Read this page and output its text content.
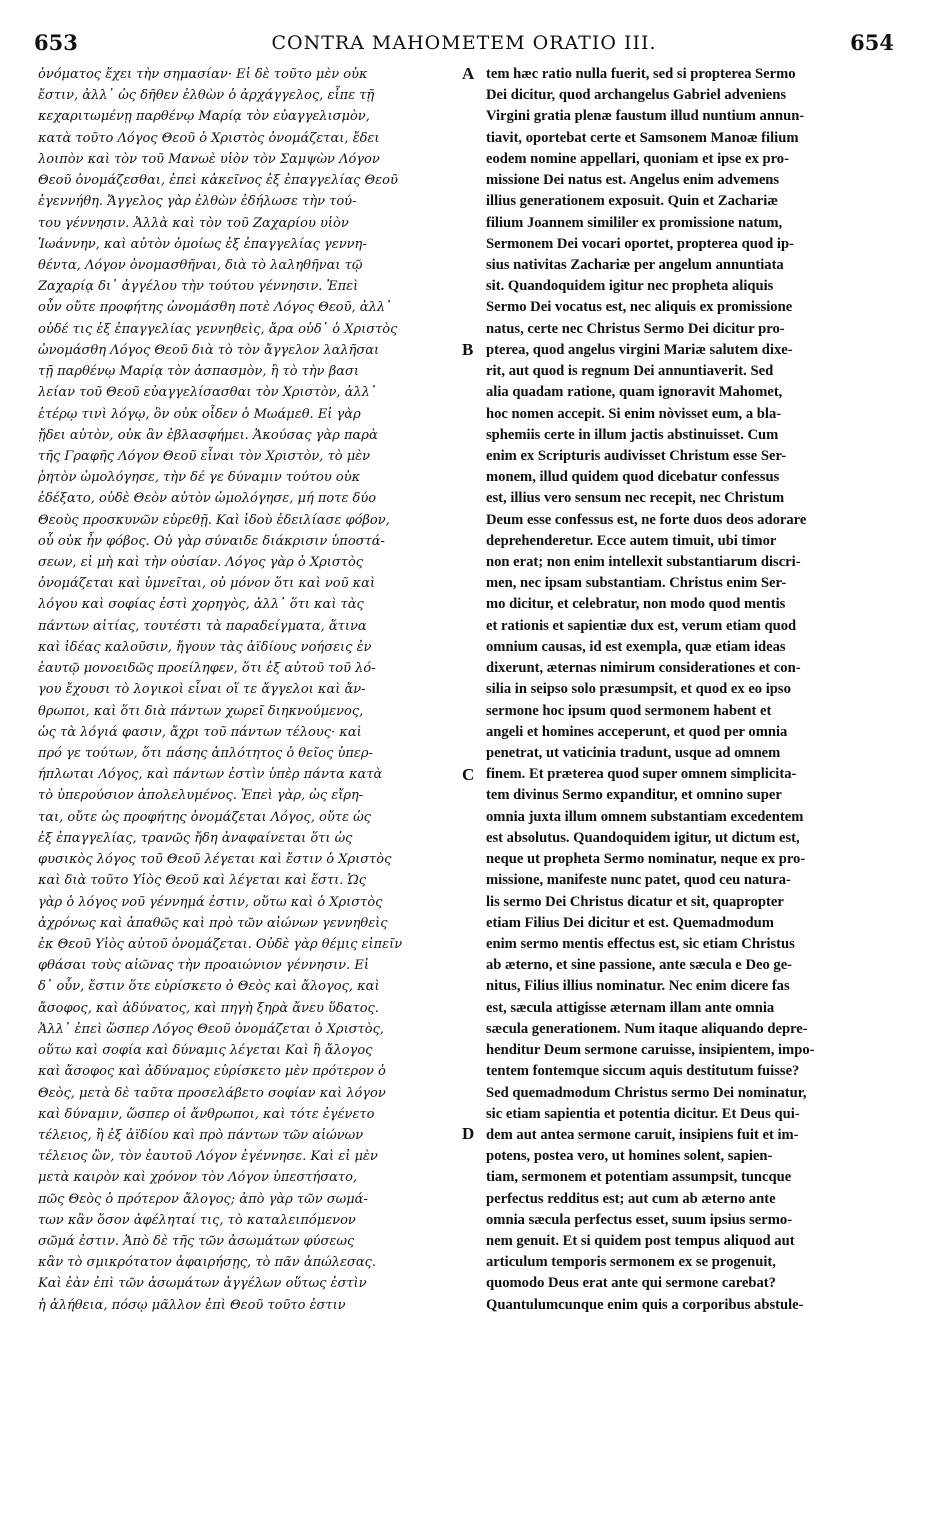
653	CONTRA MAHOMETEM ORATIO III.	654
ὀνόματος ἔχει τὴν σημασίαν· Εἰ δὲ τοῦτο μὲν οὐκ
ἔστιν, ἀλλ᾽ ὡς δῆθεν ἐλθὼν ὁ ἀρχάγγελος, εἶπε τῇ
κεχαριτωμένῃ παρθένῳ Μαρίᾳ τὸν εὐαγγελισμὸν,
κατὰ τοῦτο Λόγος Θεοῦ ὁ Χριστὸς ὀνομάζεται, ἔδει
λοιπὸν καὶ τὸν τοῦ Μανωὲ υἱὸν τὸν Σαμψὼν Λόγον
Θεοῦ ὀνομάζεσθαι, ἐπεὶ κἀκεῖνος ἐξ ἐπαγγελίας Θεοῦ
ἐγεννήθη. Ἄγγελος γὰρ ἐλθὼν ἐδήλωσε τὴν τού-
του γέννησιν. Ἀλλὰ καὶ τὸν τοῦ Ζαχαρίου υἱὸν
Ἰωάννην, καὶ αὐτὸν ὁμοίως ἐξ ἐπαγγελίας γεννη-
θέντα, Λόγον ὀνομασθῆναι, διὰ τὸ λαληθῆναι τῷ
Ζαχαρίᾳ δι᾽ ἀγγέλου τὴν τούτου γέννησιν. Ἐπεὶ
οὖν οὔτε προφήτης ὠνομάσθη ποτὲ Λόγος Θεοῦ, ἀλλ᾽
οὐδέ τις ἐξ ἐπαγγελίας γεννηθεὶς, ἄρα οὐδ᾽ ὁ Χριστὸς
ὠνομάσθη Λόγος Θεοῦ διὰ τὸ τὸν ἄγγελον λαλῆσαι
τῇ παρθένῳ Μαρίᾳ τὸν ἀσπασμὸν, ἢ τὸ τὴν βασι
λείαν τοῦ Θεοῦ εὐαγγελίσασθαι τὸν Χριστὸν, ἀλλ᾽
ἑτέρῳ τινὶ λόγῳ, ὃν οὐκ οἶδεν ὁ Μωάμεθ. Εἰ γὰρ
ᾔδει αὐτὸν, οὐκ ἂν ἐβλασφήμει. Ἀκούσας γὰρ παρὰ
τῆς Γραφῆς Λόγον Θεοῦ εἶναι τὸν Χριστὸν, τὸ μὲν
ῥητὸν ὡμολόγησε, τὴν δέ γε δύναμιν τούτου οὐκ
ἐδέξατο, οὐδὲ Θεὸν αὐτὸν ὡμολόγησε, μή ποτε δύο
Θεοὺς προσκυνῶν εὑρεθῇ. Καὶ ἰδοὺ ἐδειλίασε φόβον,
οὗ οὐκ ἦν φόβος. Οὐ γὰρ σύναιδε διάκρισιν ὑποστά-
σεων, εἰ μὴ καὶ τὴν οὐσίαν. Λόγος γὰρ ὁ Χριστὸς
ὀνομάζεται καὶ ὑμνεῖται, οὐ μόνον ὅτι καὶ νοῦ καὶ
λόγου καὶ σοφίας ἐστὶ χορηγὸς, ἀλλ᾽ ὅτι καὶ τὰς
πάντων αἰτίας, τουτέστι τὰ παραδείγματα, ἅτινα
καὶ ἰδέας καλοῦσιν, ἤγουν τὰς ἀϊδίους νοήσεις ἐν
ἑαυτῷ μονοειδῶς προείληφεν, ὅτι ἐξ αὐτοῦ τοῦ λό-
γου ἔχουσι τὸ λογικοὶ εἶναι οἵ τε ἄγγελοι καὶ ἄν-
θρωποι, καὶ ὅτι διὰ πάντων χωρεῖ διηκνούμενος,
ὡς τὰ λόγιά φασιν, ἄχρι τοῦ πάντων τέλους· καὶ
πρό γε τούτων, ὅτι πάσης ἁπλότητος ὁ θεῖος ὑπερ-
ήπλωται Λόγος, καὶ πάντων ἐστὶν ὑπὲρ πάντα κατὰ
τὸ ὑπερούσιον ἀπολελυμένος. Ἐπεὶ γὰρ, ὡς εἴρη-
ται, οὔτε ὡς προφήτης ὀνομάζεται Λόγος, οὔτε ὡς
ἐξ ἐπαγγελίας, τρανῶς ἤδη ἀναφαίνεται ὅτι ὡς
φυσικὸς λόγος τοῦ Θεοῦ λέγεται καὶ ἔστιν ὁ Χριστὸς
καὶ διὰ τοῦτο Υἱὸς Θεοῦ καὶ λέγεται καὶ ἔστι. Ὡς
γὰρ ὁ λόγος νοῦ γέννημά ἐστιν, οὕτω καὶ ὁ Χριστὸς
ἀχρόνως καὶ ἀπαθῶς καὶ πρὸ τῶν αἰώνων γεννηθεὶς
ἐκ Θεοῦ Υἱὸς αὐτοῦ ὀνομάζεται. Οὐδὲ γὰρ θέμις εἰπεῖν
φθάσαι τοὺς αἰῶνας τὴν προαιώνιον γέννησιν. Εἰ
δ᾽ οὖν, ἔστιν ὅτε εὑρίσκετο ὁ Θεὸς καὶ ἄλογος, καὶ
ἄσοφος, καὶ ἀδύνατος, καὶ πηγὴ ξηρὰ ἄνευ ὕδατος.
Ἀλλ᾽ ἐπεὶ ὥσπερ Λόγος Θεοῦ ὀνομάζεται ὁ Χριστὸς,
οὕτω καὶ σοφία καὶ δύναμις λέγεται Καὶ ἢ ἄλογος
καὶ ἄσοφος καὶ ἀδύναμος εὑρίσκετο μὲν πρότερον ὁ
Θεὸς, μετὰ δὲ ταῦτα προσελάβετο σοφίαν καὶ λόγον
καὶ δύναμιν, ὥσπερ οἱ ἄνθρωποι, καὶ τότε ἐγένετο
τέλειος, ἢ ἐξ ἀϊδίου καὶ πρὸ πάντων τῶν αἰώνων
τέλειος ὢν, τὸν ἑαυτοῦ Λόγον ἐγέννησε. Καὶ εἰ μὲν
μετὰ καιρὸν καὶ χρόνον τὸν Λόγον ὑπεστήσατο,
πῶς Θεὸς ὁ πρότερον ἄλογος; ἀπὸ γὰρ τῶν σωμά-
των κἂν ὅσον ἀφέληταί τις, τὸ καταλειπόμενον
σῶμά ἐστιν. Ἀπὸ δὲ τῆς τῶν ἀσωμάτων φύσεως
κἂν τὸ σμικρότατον ἀφαιρήσῃς, τὸ πᾶν ἀπώλεσας.
Καὶ ἐὰν ἐπὶ τῶν ἀσωμάτων ἀγγέλων οὕτως ἐστὶν
ἡ ἀλήθεια, πόσῳ μᾶλλον ἐπὶ Θεοῦ τοῦτο ἐστιν
A
B
C
D
tem hæc ratio nulla fuerit, sed si propterea Sermo
Dei dicitur, quod archangelus Gabriel adveniens
Virgini gratia plenæ faustum illud nuntium annun-
tiavit, oportebat certe et Samsonem Manoæ filium
eodem nomine appellari, quoniam et ipse ex pro-
missione Dei natus est. Angelus enim advemens
illius generationem exposuit. Quin et Zachariæ
filium Joannem simililer ex promissione natum,
Sermonem Dei vocari oportet, propterea quod ip-
sius nativitas Zachariæ per angelum annuntiata
sit. Quandoquidem igitur nec propheta aliquis
Sermo Dei vocatus est, nec aliquis ex promissione
natus, certe nec Christus Sermo Dei dicitur pro-
pterea, quod angelus virgini Mariæ salutem dixe-
rit, aut quod is regnum Dei annuntiaverit. Sed
alia quadam ratione, quam ignoravit Mahomet,
hoc nomen accepit. Si enim nòvisset eum, a bla-
sphemiis certe in illum jactis abstinuisset. Cum
enim ex Scripturis audivisset Christum esse Ser-
monem, illud quidem quod dicebatur confessus
est, illius vero sensum nec recepit, nec Christum
Deum esse confessus est, ne forte duos deos adorare
deprehenderetur. Ecce autem timuit, ubi timor
non erat; non enim intellexit substantiarum discri-
men, nec ipsam substantiam. Christus enim Ser-
mo dicitur, et celebratur, non modo quod mentis
et rationis et sapientiæ dux est, verum etiam quod
omnium causas, id est exempla, quæ etiam ideas
dixerunt, æternas nimirum considerationes et con-
silia in seipso solo præsumpsit, et quod ex eo ipso
sermone hoc ipsum quod sermonem habent et
angeli et homines acceperunt, et quod per omnia
penetrat, ut vaticinia tradunt, usque ad omnem
finem. Et præterea quod super omnem simplicita-
tem divinus Sermo expanditur, et omnino super
omnia juxta illum omnem substantiam excedentem
est absolutus. Quandoquidem igitur, ut dictum est,
neque ut propheta Sermo nominatur, neque ex pro-
missione, manifeste nunc patet, quod ceu natura-
lis sermo Dei Christus dicatur et sit, quapropter
etiam Filius Dei dicitur et est. Quemadmodum
enim sermo mentis effectus est, sic etiam Christus
ab æterno, et sine passione, ante sæcula e Deo ge-
nitus, Filius illius nominatur. Nec enim dicere fas
est, sæcula attigisse æternam illam ante omnia
sæcula generationem. Num itaque aliquando depre-
henditur Deum sermone caruisse, insipientem, impo-
tentem fontemque siccum aquis destitutum fuisse?
Sed quemadmodum Christus sermo Dei nominatur,
sic etiam sapientia et potentia dicitur. Et Deus qui-
dem aut antea sermone caruit, insipiens fuit et im-
potens, postea vero, ut homines solent, sapien-
tiam, sermonem et potentiam assumpsit, tuncque
perfectus redditus est; aut cum ab æterno ante
omnia sæcula perfectus esset, suum ipsius sermo-
nem genuit. Et si quidem post tempus aliquod aut
articulum temporis sermonem ex se progenuit,
quomodo Deus erat ante qui sermone carebat?
Quantulumcunque enim quis a corporibus abstule-
